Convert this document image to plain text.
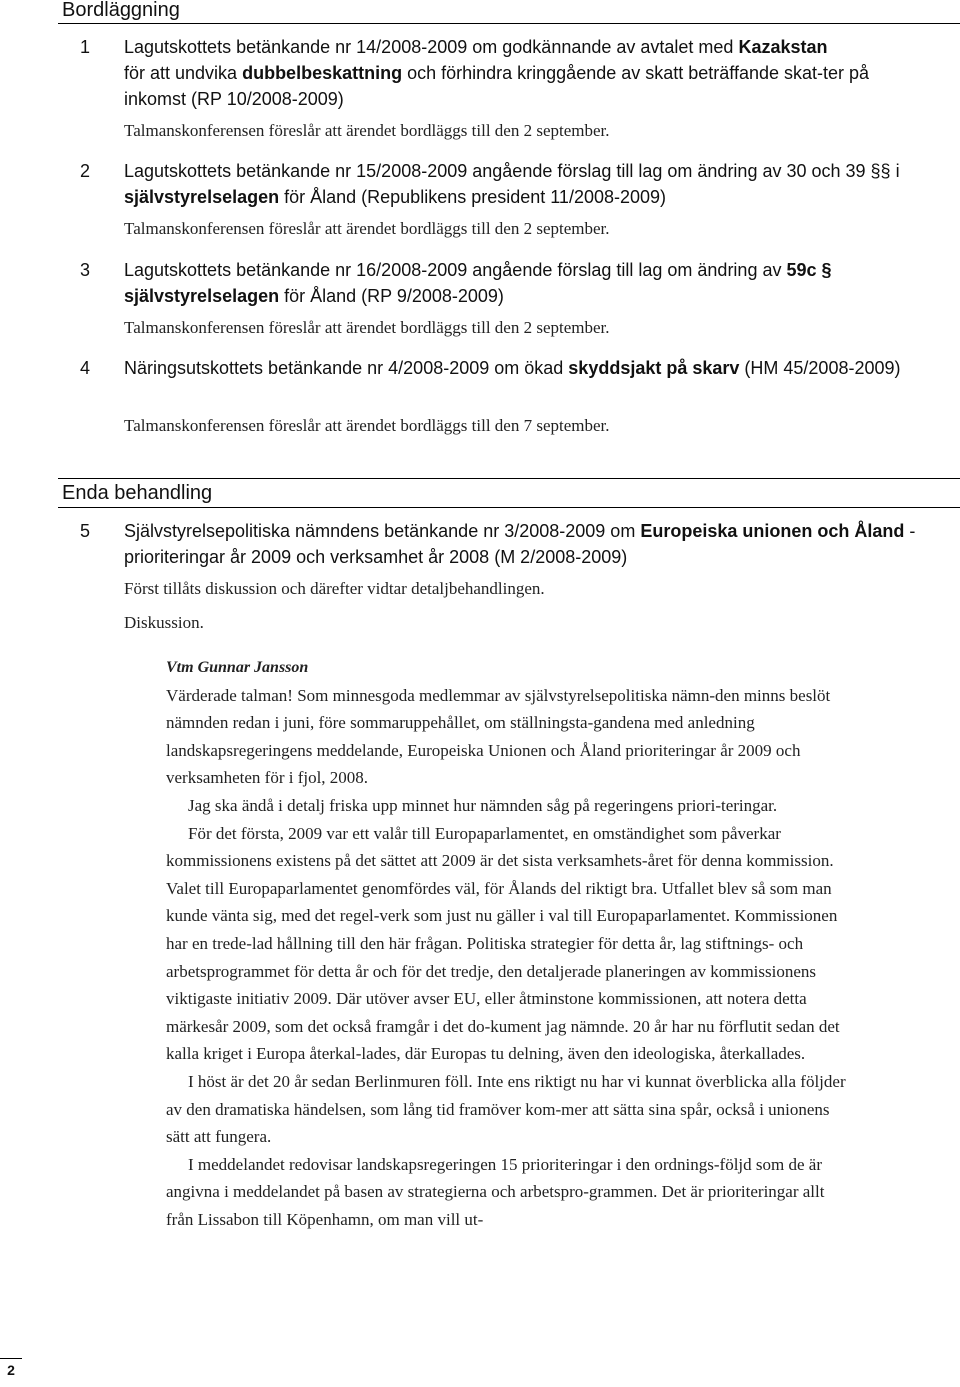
Bordläggning
1 Lagutskottets betänkande nr 14/2008-2009 om godkännande av avtalet med Kazakstan
för att undvika dubbelbeskattning och förhindra kringgående av skatt beträffande skat-ter på inkomst (RP 10/2008-2009)
Talmanskonferensen föreslår att ärendet bordläggs till den 2 september.
2 Lagutskottets betänkande nr 15/2008-2009 angående förslag till lag om ändring av 30 och 39 §§ i självstyrelselagen för Åland (Republikens president 11/2008-2009)
Talmanskonferensen föreslår att ärendet bordläggs till den 2 september.
3 Lagutskottets betänkande nr 16/2008-2009 angående förslag till lag om ändring av 59c § självstyrelselagen för Åland (RP 9/2008-2009)
Talmanskonferensen föreslår att ärendet bordläggs till den 2 september.
4 Näringsutskottets betänkande nr 4/2008-2009 om ökad skyddsjakt på skarv (HM 45/2008-2009)
Talmanskonferensen föreslår att ärendet bordläggs till den 7 september.
Enda behandling
5 Självstyrelsepolitiska nämndens betänkande nr 3/2008-2009 om Europeiska unionen och Åland - prioriteringar år 2009 och verksamhet år 2008 (M 2/2008-2009)
Först tillåts diskussion och därefter vidtar detaljbehandlingen.
Diskussion.
Vtm Gunnar Jansson

Värderade talman! Som minnesgoda medlemmar av självstyrelsepolitiska nämn-den minns beslöt nämnden redan i juni, före sommaruppehållet, om ställningsta-gandena med anledning landskapsregeringens meddelande, Europeiska Unionen och Åland prioriteringar år 2009 och verksamheten för i fjol, 2008.

Jag ska ändå i detalj friska upp minnet hur nämnden såg på regeringens priori-teringar.

För det första, 2009 var ett valår till Europaparlamentet, en omständighet som påverkar kommissionens existens på det sättet att 2009 är det sista verksamhets-året för denna kommission. Valet till Europaparlamentet genomfördes väl, för Ålands del riktigt bra. Utfallet blev så som man kunde vänta sig, med det regel-verk som just nu gäller i val till Europaparlamentet. Kommissionen har en trede-lad hållning till den här frågan. Politiska strategier för detta år, lag stiftnings- och arbetsprogrammet för detta år och för det tredje, den detaljerade planeringen av kommissionens viktigaste initiativ 2009. Där utöver avser EU, eller åtminstone kommissionen, att notera detta märkesår 2009, som det också framgår i det do-kument jag nämnde. 20 år har nu förflutit sedan det kalla kriget i Europa återkal-lades, där Europas tu delning, även den ideologiska, återkallades.

I höst är det 20 år sedan Berlinmuren föll. Inte ens riktigt nu har vi kunnat överblicka alla följder av den dramatiska händelsen, som lång tid framöver kom-mer att sätta sina spår, också i unionens sätt att fungera.

I meddelandet redovisar landskapsregeringen 15 prioriteringar i den ordnings-följd som de är angivna i meddelandet på basen av strategierna och arbetspro-grammen. Det är prioriteringar allt från Lissabon till Köpenhamn, om man vill ut-

2
